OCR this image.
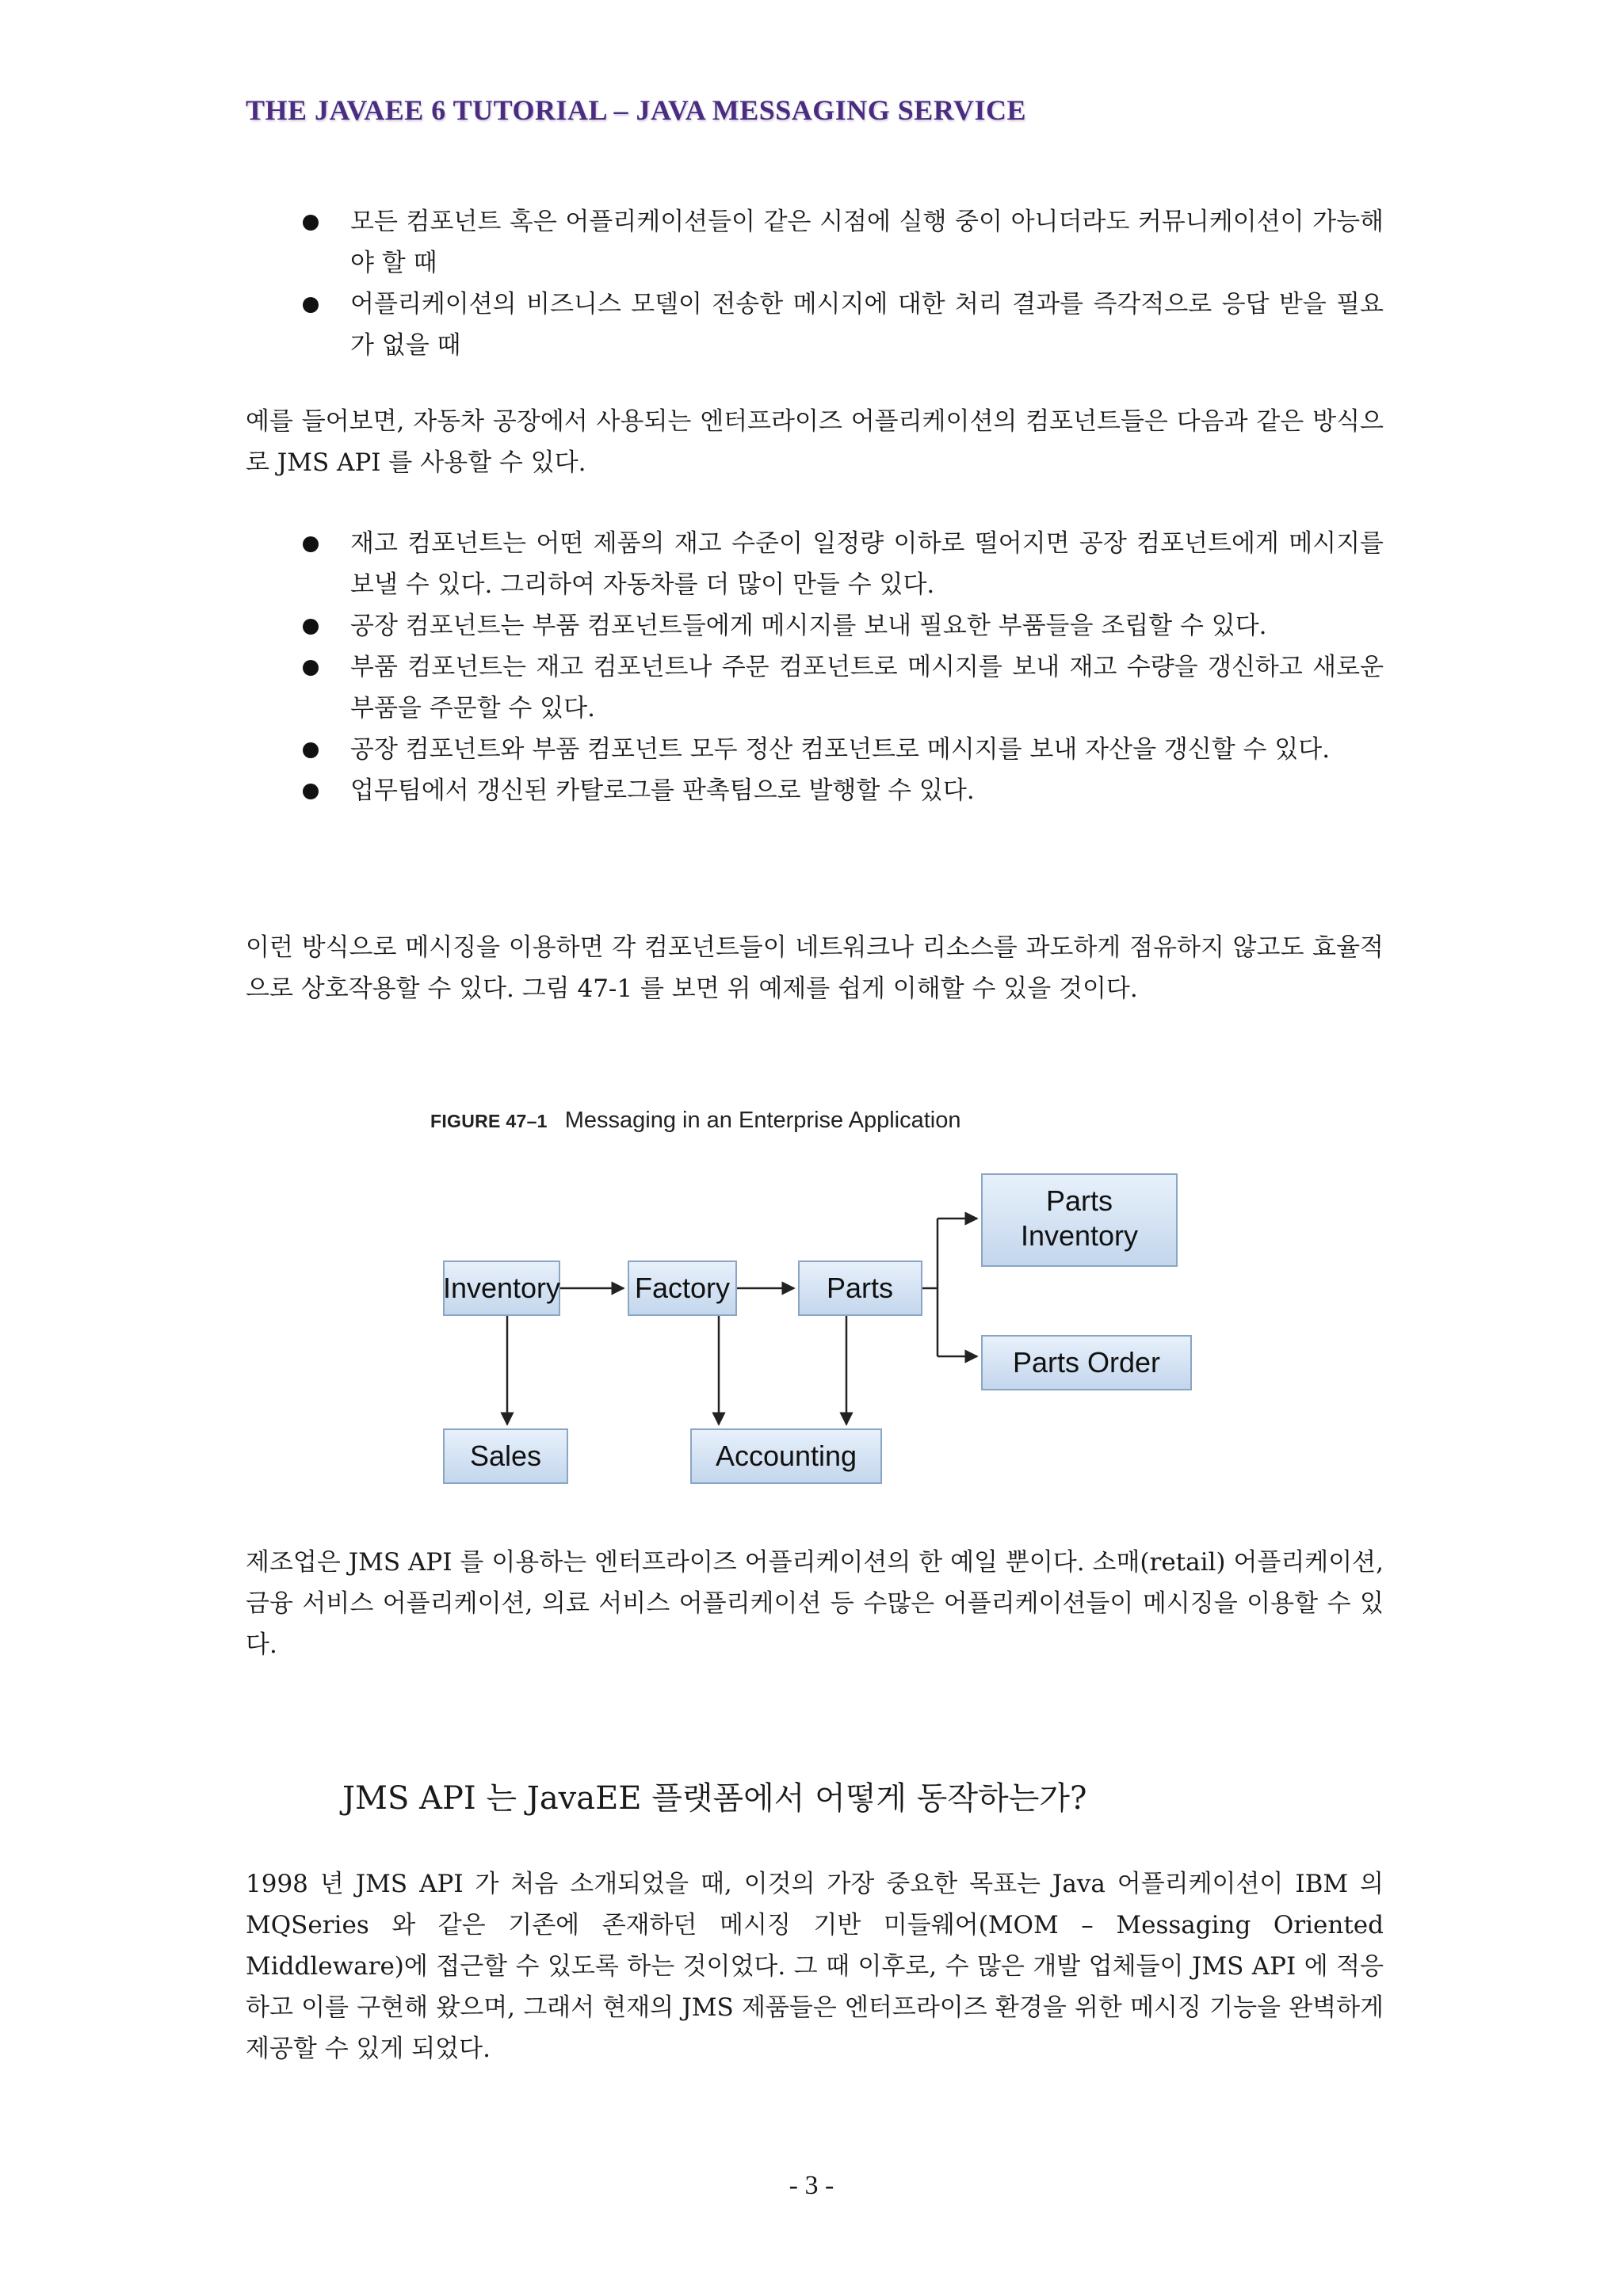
THE JAVAEE 6 TUTORIAL – JAVA MESSAGING SERVICE
모든 컴포넌트 혹은 어플리케이션들이 같은 시점에 실행 중이 아니더라도 커뮤니케이션이 가능해야 할 때
어플리케이션의 비즈니스 모델이 전송한 메시지에 대한 처리 결과를 즉각적으로 응답 받을 필요가 없을 때
예를 들어보면, 자동차 공장에서 사용되는 엔터프라이즈 어플리케이션의 컴포넌트들은 다음과 같은 방식으로 JMS API 를 사용할 수 있다.
재고 컴포넌트는 어떤 제품의 재고 수준이 일정량 이하로 떨어지면 공장 컴포넌트에게 메시지를 보낼 수 있다. 그리하여 자동차를 더 많이 만들 수 있다.
공장 컴포넌트는 부품 컴포넌트들에게 메시지를 보내 필요한 부품들을 조립할 수 있다.
부품 컴포넌트는 재고 컴포넌트나 주문 컴포넌트로 메시지를 보내 재고 수량을 갱신하고 새로운 부품을 주문할 수 있다.
공장 컴포넌트와 부품 컴포넌트 모두 정산 컴포넌트로 메시지를 보내 자산을 갱신할 수 있다.
업무팀에서 갱신된 카탈로그를 판촉팀으로 발행할 수 있다.
이런 방식으로 메시징을 이용하면 각 컴포넌트들이 네트워크나 리소스를 과도하게 점유하지 않고도 효율적으로 상호작용할 수 있다. 그림 47-1 를 보면 위 예제를 쉽게 이해할 수 있을 것이다.
FIGURE 47–1 Messaging in an Enterprise Application
Inventory	Factory	Parts
Parts
Inventory
Parts Order
Sales	Accounting
제조업은 JMS API 를 이용하는 엔터프라이즈 어플리케이션의 한 예일 뿐이다. 소매(retail) 어플리케이션, 금융 서비스 어플리케이션, 의료 서비스 어플리케이션 등 수많은 어플리케이션들이 메시징을 이용할 수 있다.
JMS API 는 JavaEE 플랫폼에서 어떻게 동작하는가?
1998 년 JMS API 가 처음 소개되었을 때, 이것의 가장 중요한 목표는 Java 어플리케이션이 IBM 의 MQSeries 와 같은 기존에 존재하던 메시징 기반 미들웨어(MOM – Messaging Oriented Middleware)에 접근할 수 있도록 하는 것이었다. 그 때 이후로, 수 많은 개발 업체들이 JMS API 에 적응하고 이를 구현해 왔으며, 그래서 현재의 JMS 제품들은 엔터프라이즈 환경을 위한 메시징 기능을 완벽하게 제공할 수 있게 되었다.
- 3 -
